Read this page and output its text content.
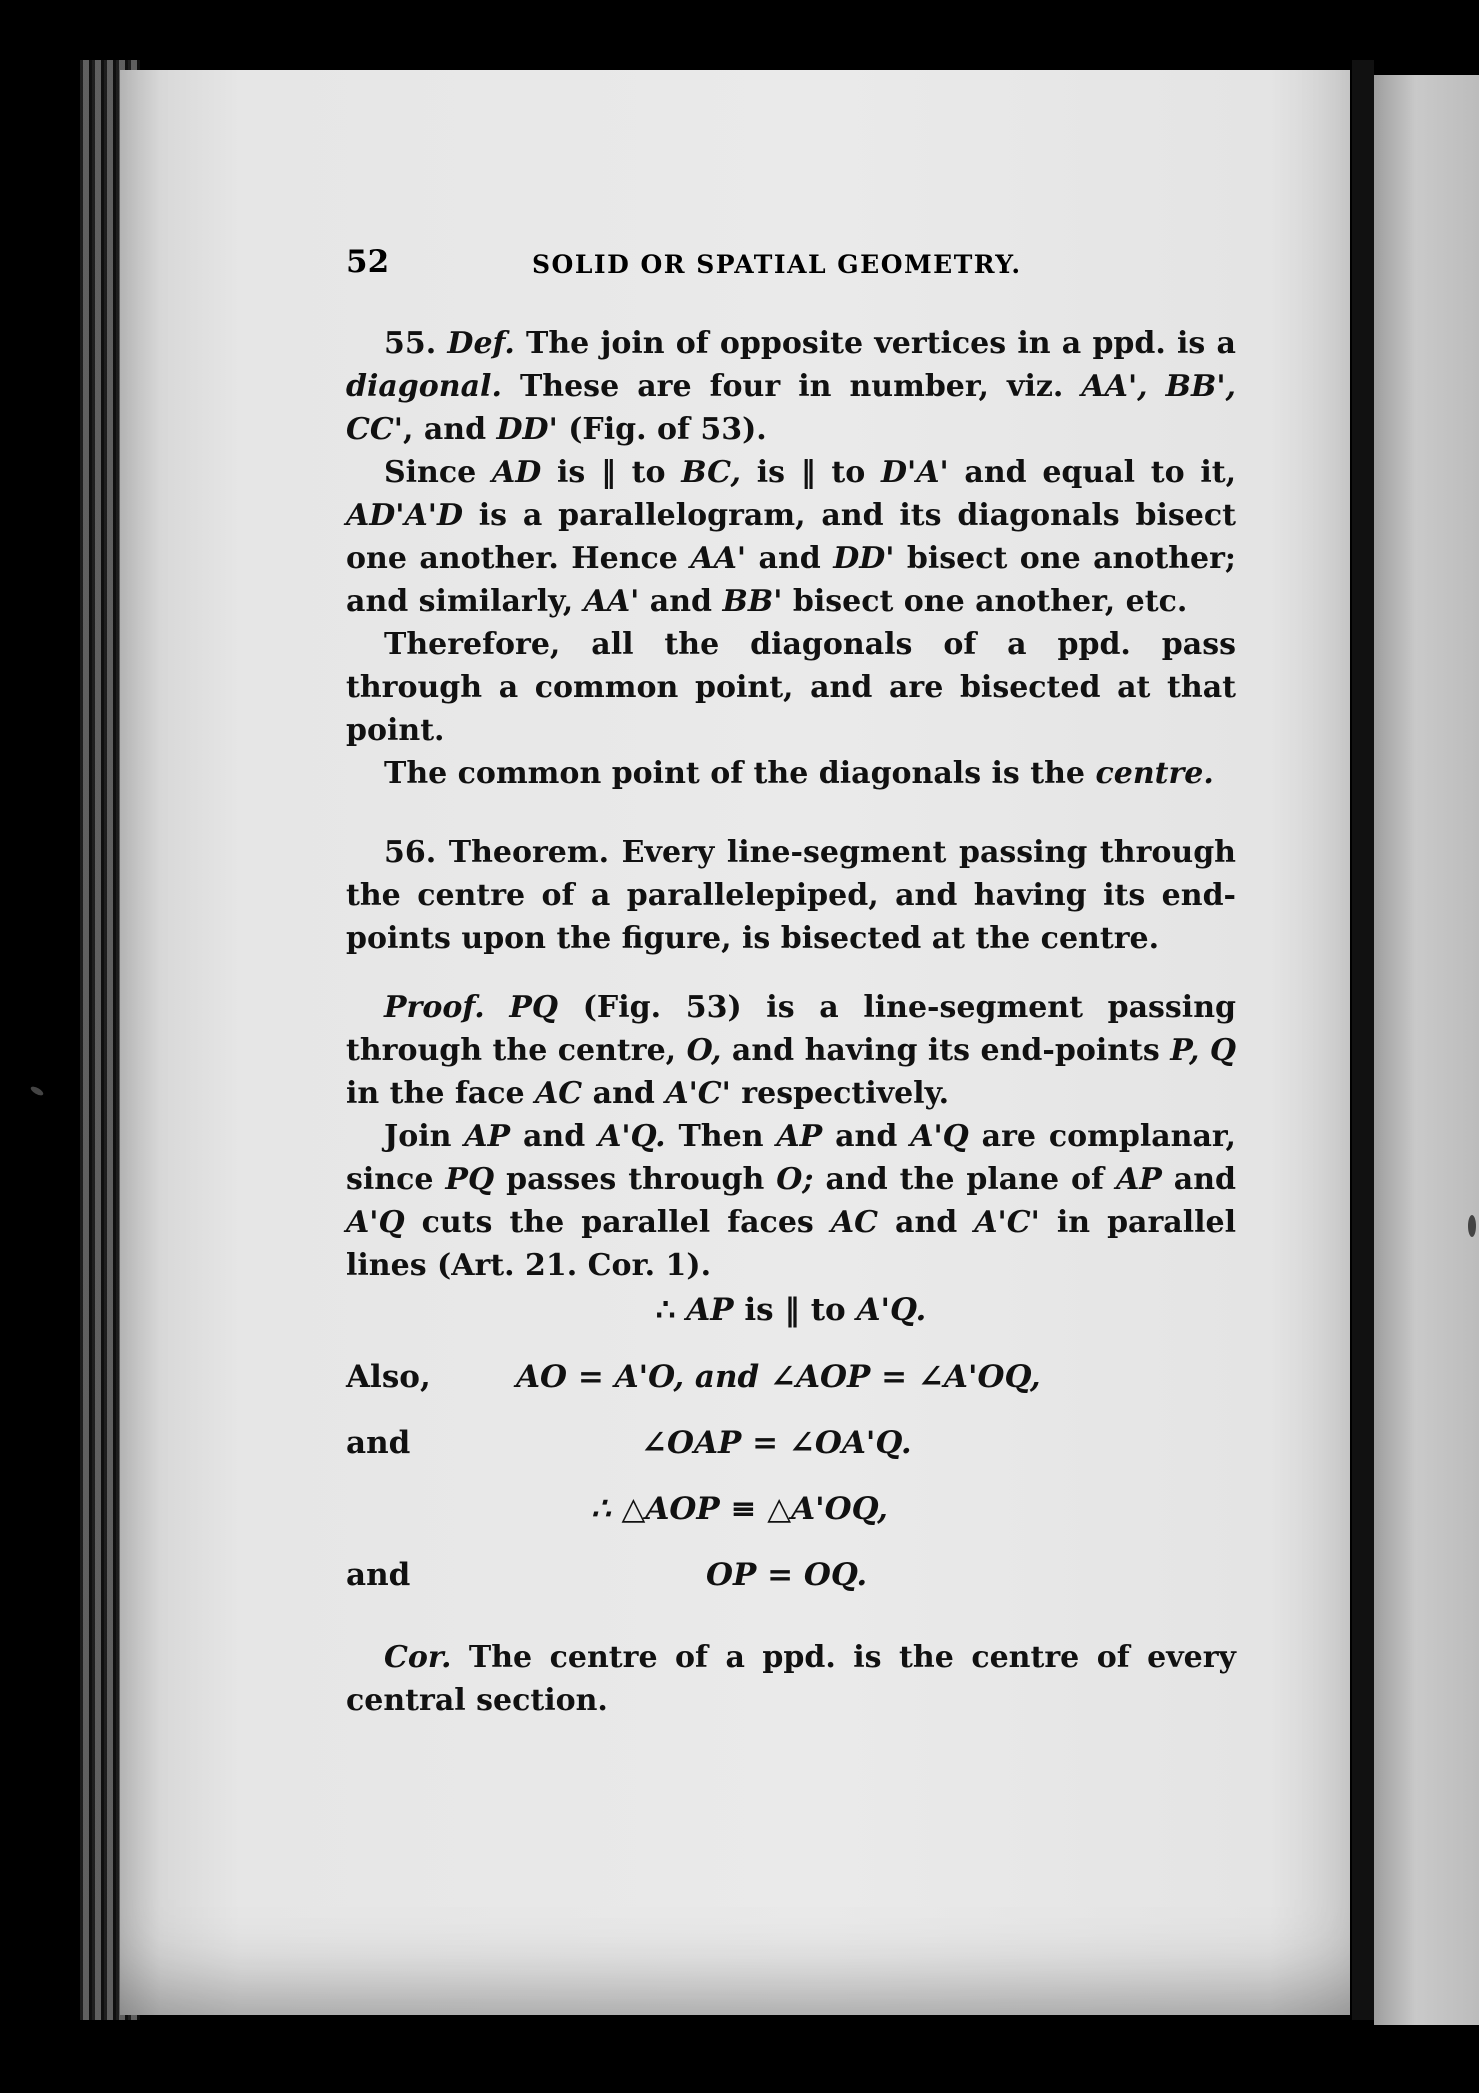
52	SOLID OR SPATIAL GEOMETRY.

55. Def. The join of opposite vertices in a ppd. is a diagonal. These are four in number, viz. AA', BB', CC', and DD' (Fig. of 53).

Since AD is ‖ to BC, is ‖ to D'A' and equal to it, AD'A'D is a parallelogram, and its diagonals bisect one another. Hence AA' and DD' bisect one another; and similarly, AA' and BB' bisect one another, etc.

Therefore, all the diagonals of a ppd. pass through a common point, and are bisected at that point.

The common point of the diagonals is the centre.

56. Theorem. Every line-segment passing through the centre of a parallelepiped, and having its end-points upon the figure, is bisected at the centre.

Proof. PQ (Fig. 53) is a line-segment passing through the centre, O, and having its end-points P, Q in the face AC and A'C' respectively.

Join AP and A'Q. Then AP and A'Q are complanar, since PQ passes through O; and the plane of AP and A'Q cuts the parallel faces AC and A'C' in parallel lines (Art. 21. Cor. 1).

∴ AP is ‖ to A'Q.
Also,	AO = A'O, and ∠AOP = ∠A'OQ,
and	∠OAP = ∠OA'Q.
∴ △AOP ≡ △A'OQ,
and	OP = OQ.

Cor. The centre of a ppd. is the centre of every central section.
